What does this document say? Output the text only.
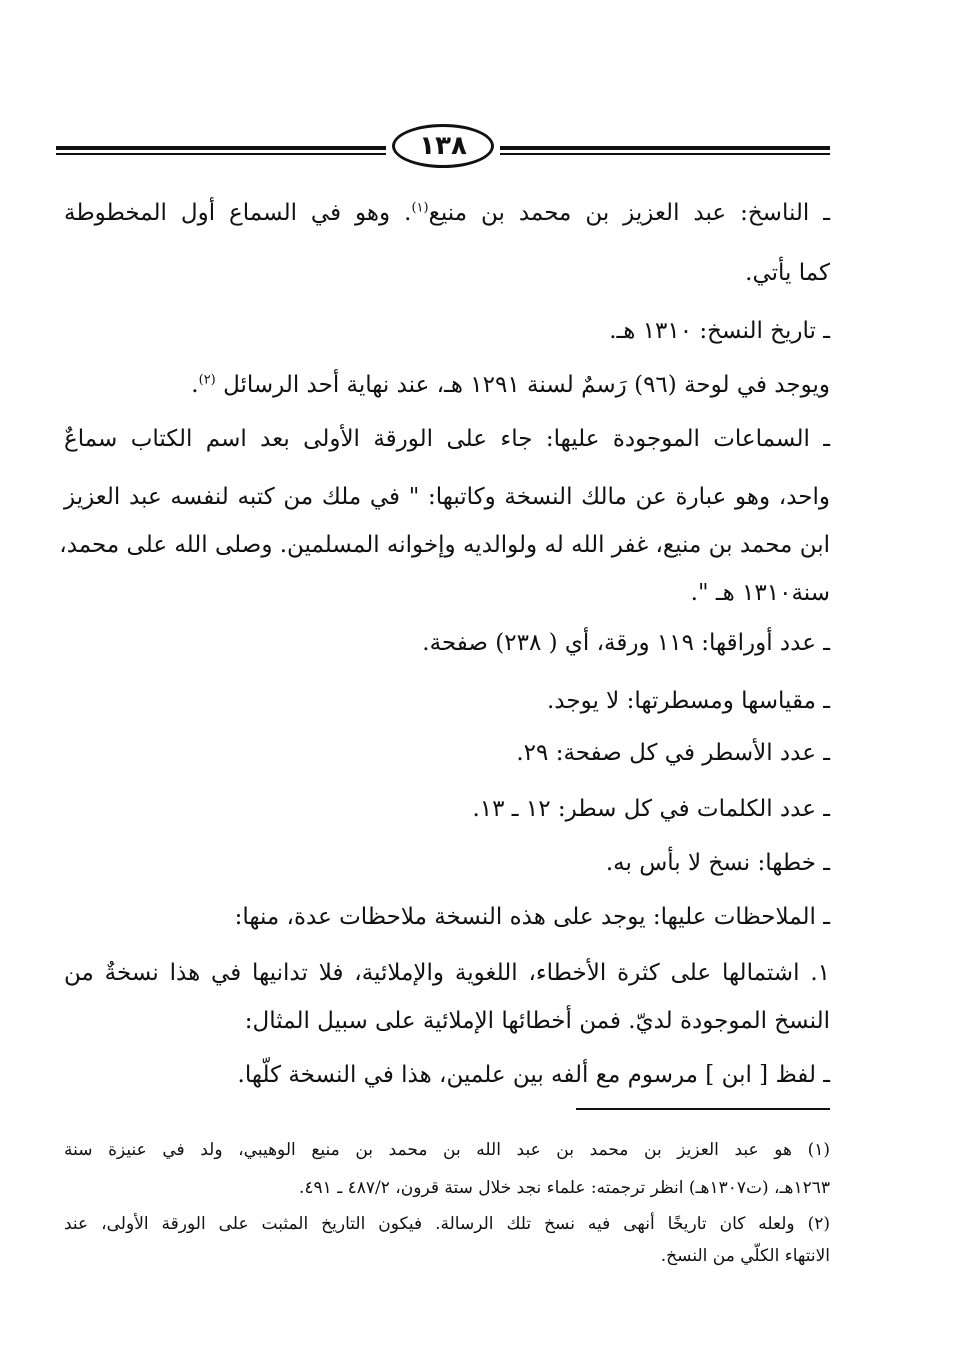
١٣٨
ـ الناسخ: عبد العزيز بن محمد بن منيع$^{(١)}$. وهو في السماع أول المخطوطة
كما يأتي.
ـ تاريخ النسخ: ١٣١٠ هـ.
ويوجد في لوحة (٩٦) رَسمٌ لسنة ١٢٩١ هـ، عند نهاية أحد الرسائل $^{(٢)}$.
ـ السماعات الموجودة عليها: جاء على الورقة الأولى بعد اسم الكتاب سماعٌ
واحد، وهو عبارة عن مالك النسخة وكاتبها: " في ملك من كتبه لنفسه عبد العزيز
ابن محمد بن منيع، غفر الله له ولوالديه وإخوانه المسلمين. وصلى الله على محمد،
سنة١٣١٠ هـ ".
ـ عدد أوراقها: ١١٩ ورقة، أي ( ٢٣٨) صفحة.
ـ مقياسها ومسطرتها: لا يوجد.
ـ عدد الأسطر في كل صفحة: ٢٩.
ـ عدد الكلمات في كل سطر: ١٢ ـ ١٣.
ـ خطها: نسخ لا بأس به.
ـ الملاحظات عليها: يوجد على هذه النسخة ملاحظات عدة، منها:
١. اشتمالها على كثرة الأخطاء، اللغوية والإملائية، فلا تدانيها في هذا نسخةٌ من
النسخ الموجودة لديّ. فمن أخطائها الإملائية على سبيل المثال:
ـ لفظ [ ابن ] مرسوم مع ألفه بين علمين، هذا في النسخة كلّها.
(١) هو عبد العزيز بن محمد بن عبد الله بن محمد بن منيع الوهيبي، ولد في عنيزة سنة
١٢٦٣هـ، (ت١٣٠٧هـ) انظر ترجمته: علماء نجد خلال ستة قرون، ٤٨٧/٢ ـ ٤٩١.
(٢) ولعله كان تاريخًا أنهى فيه نسخ تلك الرسالة. فيكون التاريخ المثبت على الورقة الأولى، عند
الانتهاء الكلّي من النسخ.
